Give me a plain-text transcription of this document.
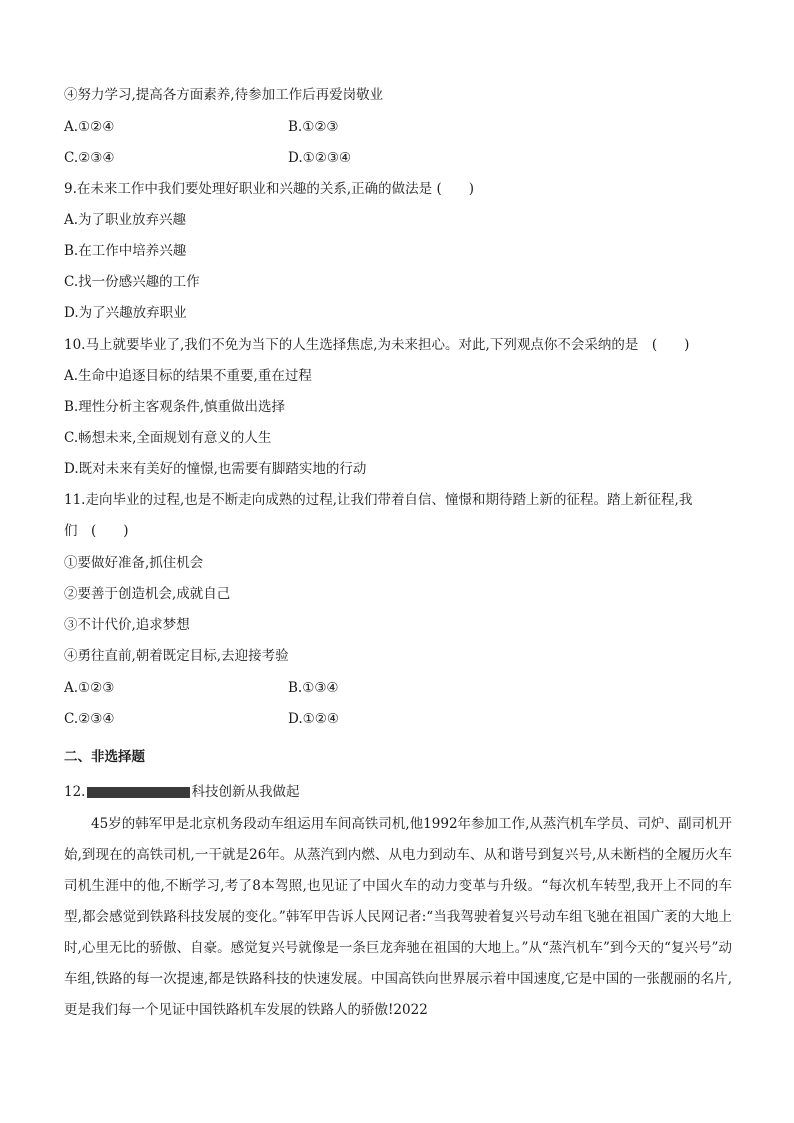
④努力学习,提高各方面素养,待参加工作后再爱岗敬业
A.①②④	B.①②③
C.②③④	D.①②③④
9.在未来工作中我们要处理好职业和兴趣的关系,正确的做法是 (　　)
A.为了职业放弃兴趣
B.在工作中培养兴趣
C.找一份感兴趣的工作
D.为了兴趣放弃职业
10.马上就要毕业了,我们不免为当下的人生选择焦虑,为未来担心。对此,下列观点你不会采纳的是　(　　)
A.生命中追逐目标的结果不重要,重在过程
B.理性分析主客观条件,慎重做出选择
C.畅想未来,全面规划有意义的人生
D.既对未来有美好的憧憬,也需要有脚踏实地的行动
11.走向毕业的过程,也是不断走向成熟的过程,让我们带着自信、憧憬和期待踏上新的征程。踏上新征程,我
们　(　　)
①要做好准备,抓住机会
②要善于创造机会,成就自己
③不计代价,追求梦想
④勇往直前,朝着既定目标,去迎接考验
A.①②③	B.①③④
C.②③④	D.①②④
二、非选择题
12.	科技创新从我做起
45岁的韩军甲是北京机务段动车组运用车间高铁司机,他1992年参加工作,从蒸汽机车学员、司炉、副司机开始,到现在的高铁司机,一干就是26年。从蒸汽到内燃、从电力到动车、从和谐号到复兴号,从未断档的全履历火车司机生涯中的他,不断学习,考了8本驾照,也见证了中国火车的动力变革与升级。“每次机车转型,我开上不同的车型,都会感觉到铁路科技发展的变化。”韩军甲告诉人民网记者:“当我驾驶着复兴号动车组飞驰在祖国广袤的大地上时,心里无比的骄傲、自豪。感觉复兴号就像是一条巨龙奔驰在祖国的大地上。”从“蒸汽机车”到今天的“复兴号”动车组,铁路的每一次提速,都是铁路科技的快速发展。中国高铁向世界展示着中国速度,它是中国的一张靓丽的名片,更是我们每一个见证中国铁路机车发展的铁路人的骄傲!2022
